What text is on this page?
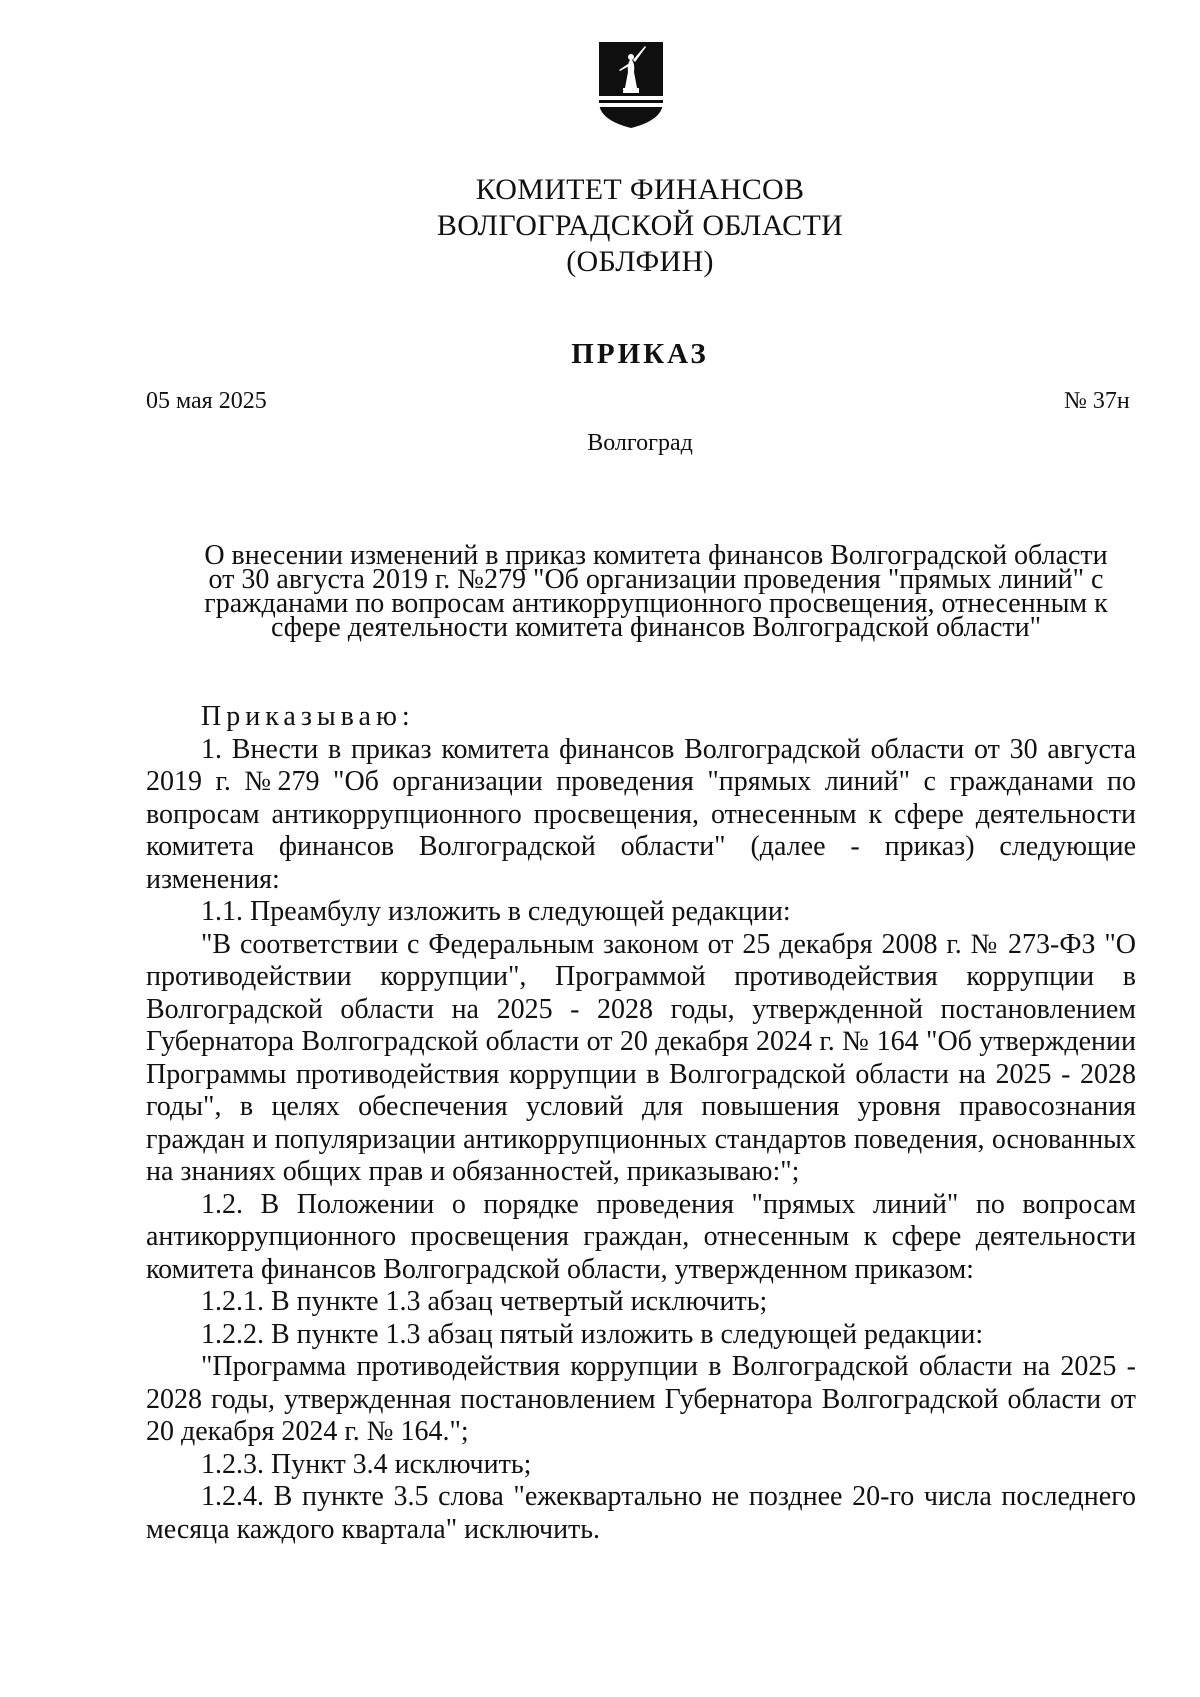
КОМИТЕТ ФИНАНСОВ
ВОЛГОГРАДСКОЙ ОБЛАСТИ
(ОБЛФИН)
ПРИКАЗ
05 мая 2025	№ 37н
Волгоград
О внесении изменений в приказ комитета финансов Волгоградской области
от 30 августа 2019 г. №279 "Об организации проведения "прямых линий" с
гражданами по вопросам антикоррупционного просвещения, отнесенным к
сфере деятельности комитета финансов Волгоградской области"

Приказываю:

1. Внести в приказ комитета финансов Волгоградской области от 30 августа 2019 г. №279 "Об организации проведения "прямых линий" с гражданами по вопросам антикоррупционного просвещения, отнесенным к сфере деятельности комитета финансов Волгоградской области" (далее - приказ) следующие изменения:

1.1. Преамбулу изложить в следующей редакции:

"В соответствии с Федеральным законом от 25 декабря 2008 г. № 273-ФЗ "О противодействии коррупции", Программой противодействия коррупции в Волгоградской области на 2025 - 2028 годы, утвержденной постановлением Губернатора Волгоградской области от 20 декабря 2024 г. № 164 "Об утверждении Программы противодействия коррупции в Волгоградской области на 2025 - 2028 годы", в целях обеспечения условий для повышения уровня правосознания граждан и популяризации антикоррупционных стандартов поведения, основанных на знаниях общих прав и обязанностей, приказываю:";

1.2. В Положении о порядке проведения "прямых линий" по вопросам антикоррупционного просвещения граждан, отнесенным к сфере деятельности комитета финансов Волгоградской области, утвержденном приказом:

1.2.1. В пункте 1.3 абзац четвертый исключить;

1.2.2. В пункте 1.3 абзац пятый изложить в следующей редакции:

"Программа противодействия коррупции в Волгоградской области на 2025 - 2028 годы, утвержденная постановлением Губернатора Волгоградской области от 20 декабря 2024 г. № 164.";

1.2.3. Пункт 3.4 исключить;

1.2.4. В пункте 3.5 слова "ежеквартально не позднее 20-го числа последнего месяца каждого квартала" исключить.
